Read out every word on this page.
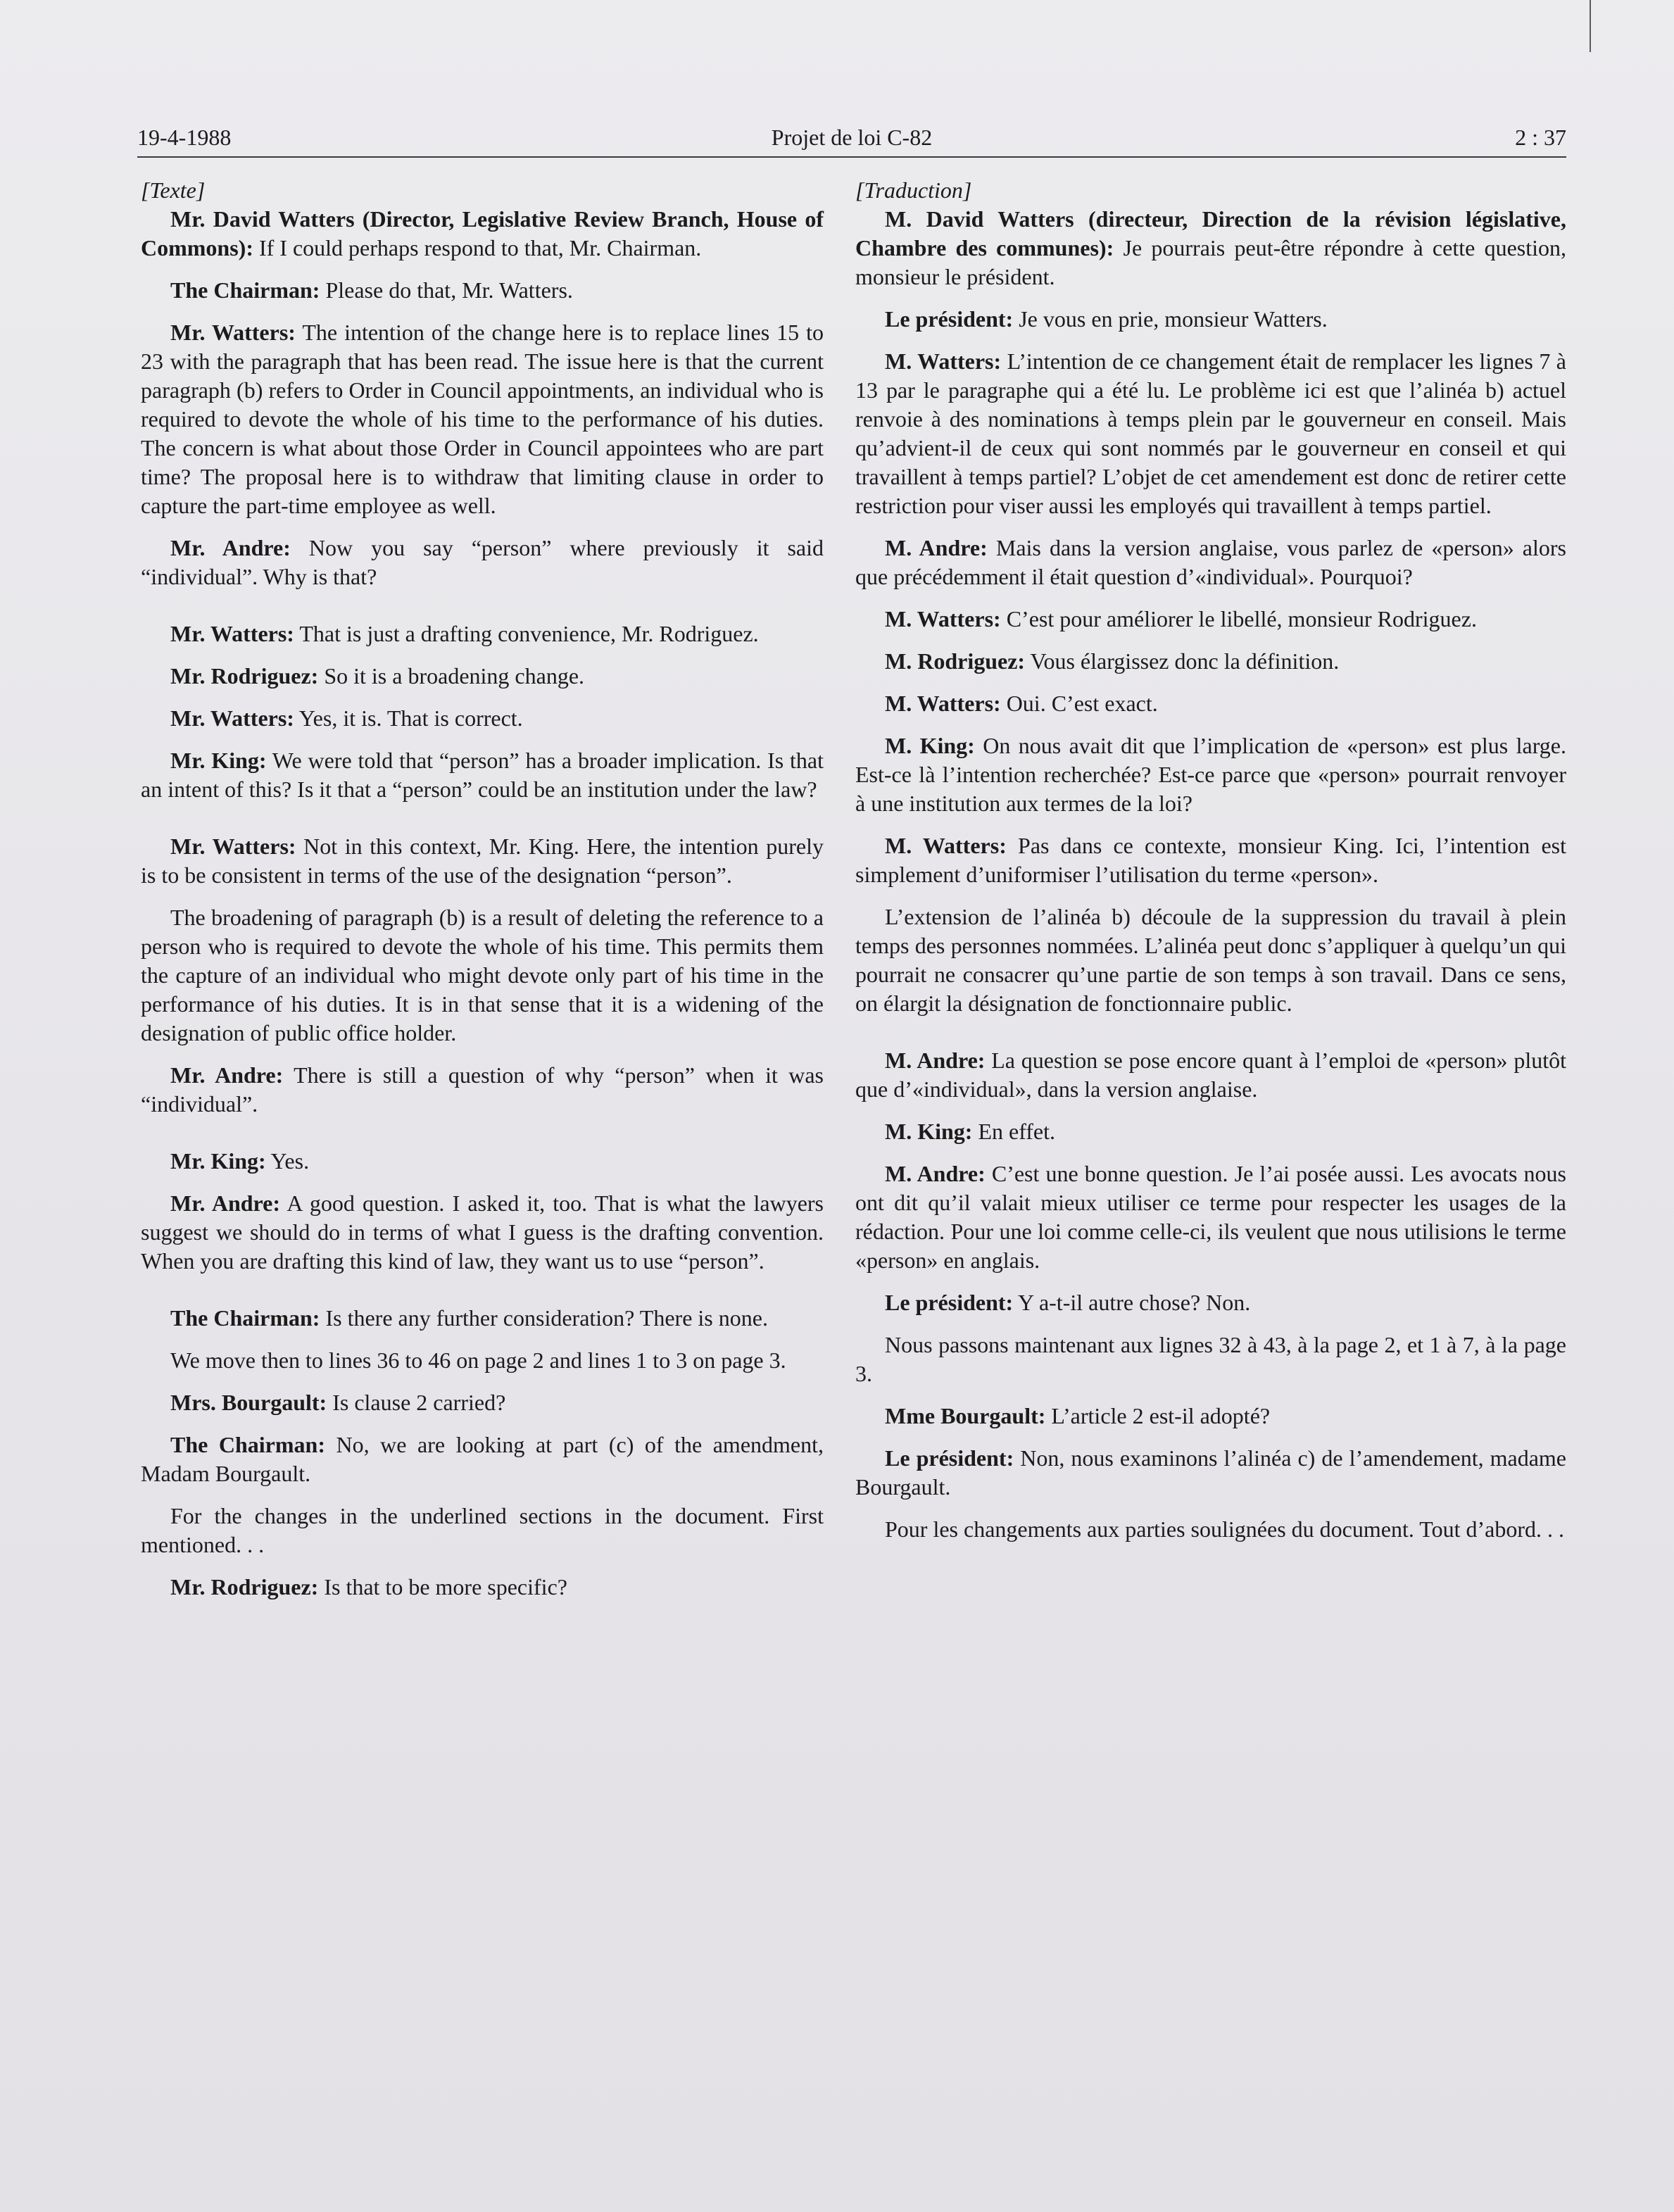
19-4-1988	Projet de loi C-82	2 : 37
[Texte]

Mr. David Watters (Director, Legislative Review Branch, House of Commons): If I could perhaps respond to that, Mr. Chairman.

The Chairman: Please do that, Mr. Watters.

Mr. Watters: The intention of the change here is to replace lines 15 to 23 with the paragraph that has been read. The issue here is that the current paragraph (b) refers to Order in Council appointments, an individual who is required to devote the whole of his time to the performance of his duties. The concern is what about those Order in Council appointees who are part time? The proposal here is to withdraw that limiting clause in order to capture the part-time employee as well.

Mr. Andre: Now you say “person” where previously it said “individual”. Why is that?

Mr. Watters: That is just a drafting convenience, Mr. Rodriguez.

Mr. Rodriguez: So it is a broadening change.

Mr. Watters: Yes, it is. That is correct.

Mr. King: We were told that “person” has a broader implication. Is that an intent of this? Is it that a “person” could be an institution under the law?

Mr. Watters: Not in this context, Mr. King. Here, the intention purely is to be consistent in terms of the use of the designation “person”.

The broadening of paragraph (b) is a result of deleting the reference to a person who is required to devote the whole of his time. This permits them the capture of an individual who might devote only part of his time in the performance of his duties. It is in that sense that it is a widening of the designation of public office holder.

Mr. Andre: There is still a question of why “person” when it was “individual”.

Mr. King: Yes.

Mr. Andre: A good question. I asked it, too. That is what the lawyers suggest we should do in terms of what I guess is the drafting convention. When you are drafting this kind of law, they want us to use “person”.

The Chairman: Is there any further consideration? There is none.

We move then to lines 36 to 46 on page 2 and lines 1 to 3 on page 3.

Mrs. Bourgault: Is clause 2 carried?

The Chairman: No, we are looking at part (c) of the amendment, Madam Bourgault.

For the changes in the underlined sections in the document. First mentioned. . .

Mr. Rodriguez: Is that to be more specific?

[Traduction]

M. David Watters (directeur, Direction de la révision législative, Chambre des communes): Je pourrais peut-être répondre à cette question, monsieur le président.

Le président: Je vous en prie, monsieur Watters.

M. Watters: L’intention de ce changement était de remplacer les lignes 7 à 13 par le paragraphe qui a été lu. Le problème ici est que l’alinéa b) actuel renvoie à des nominations à temps plein par le gouverneur en conseil. Mais qu’advient-il de ceux qui sont nommés par le gouverneur en conseil et qui travaillent à temps partiel? L’objet de cet amendement est donc de retirer cette restriction pour viser aussi les employés qui travaillent à temps partiel.

M. Andre: Mais dans la version anglaise, vous parlez de «person» alors que précédemment il était question d’«individual». Pourquoi?

M. Watters: C’est pour améliorer le libellé, monsieur Rodriguez.

M. Rodriguez: Vous élargissez donc la définition.

M. Watters: Oui. C’est exact.

M. King: On nous avait dit que l’implication de «person» est plus large. Est-ce là l’intention recherchée? Est-ce parce que «person» pourrait renvoyer à une institution aux termes de la loi?

M. Watters: Pas dans ce contexte, monsieur King. Ici, l’intention est simplement d’uniformiser l’utilisation du terme «person».

L’extension de l’alinéa b) découle de la suppression du travail à plein temps des personnes nommées. L’alinéa peut donc s’appliquer à quelqu’un qui pourrait ne consacrer qu’une partie de son temps à son travail. Dans ce sens, on élargit la désignation de fonctionnaire public.

M. Andre: La question se pose encore quant à l’emploi de «person» plutôt que d’«individual», dans la version anglaise.

M. King: En effet.

M. Andre: C’est une bonne question. Je l’ai posée aussi. Les avocats nous ont dit qu’il valait mieux utiliser ce terme pour respecter les usages de la rédaction. Pour une loi comme celle-ci, ils veulent que nous utilisions le terme «person» en anglais.

Le président: Y a-t-il autre chose? Non.

Nous passons maintenant aux lignes 32 à 43, à la page 2, et 1 à 7, à la page 3.

Mme Bourgault: L’article 2 est-il adopté?

Le président: Non, nous examinons l’alinéa c) de l’amendement, madame Bourgault.

Pour les changements aux parties soulignées du document. Tout d’abord. . .
